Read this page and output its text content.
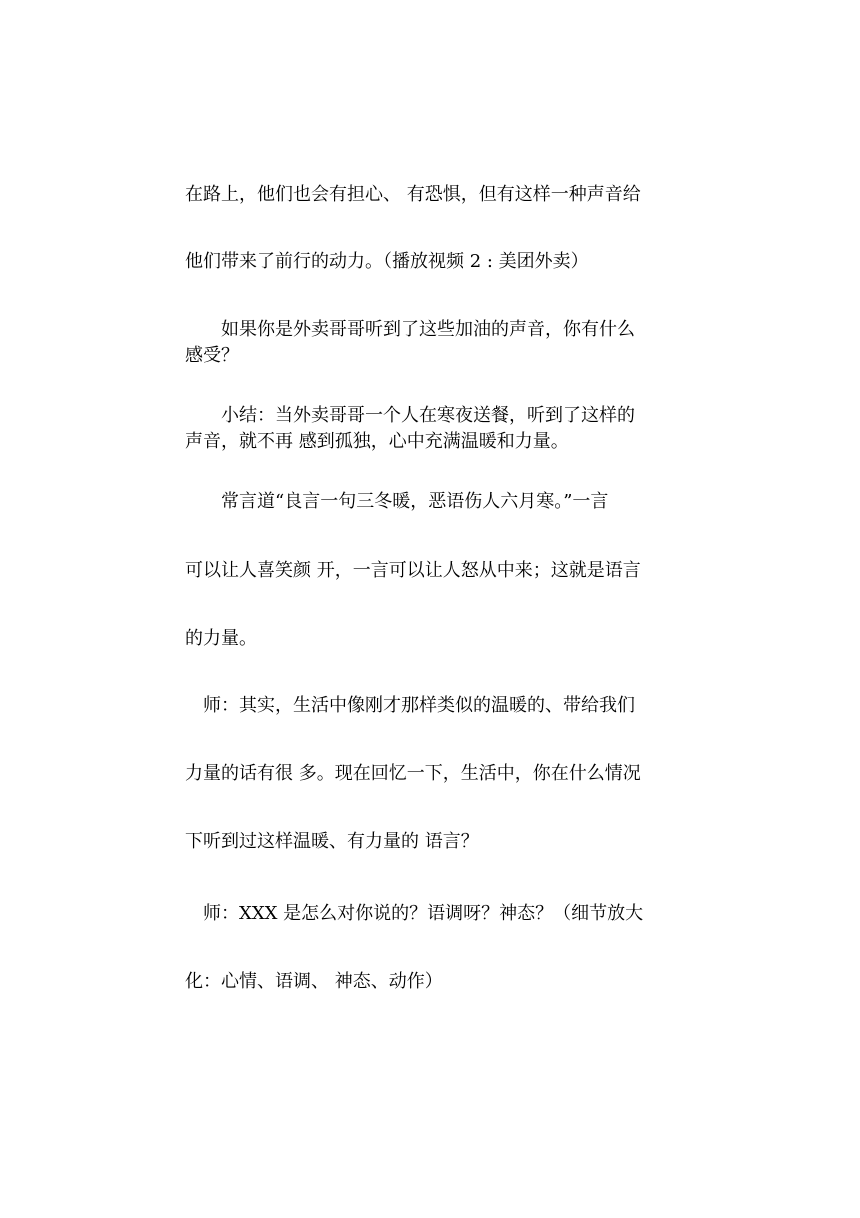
在路上，他们也会有担心、 有恐惧，但有这样一种声音给
他们带来了前行的动力。（播放视频 2 : 美团外卖）
　　如果你是外卖哥哥听到了这些加油的声音，你有什么
感受？
　　小结：当外卖哥哥一个人在寒夜送餐，听到了这样的
声音，就不再 感到孤独，心中充满温暖和力量。
　　常言道“良言一句三冬暖，恶语伤人六月寒。”一言
可以让人喜笑颜 开，一言可以让人怒从中来；这就是语言
的力量。
　师：其实，生活中像刚才那样类似的温暖的、带给我们
力量的话有很 多。现在回忆一下，生活中，你在什么情况
下听到过这样温暖、有力量的 语言？
　师：XXX 是怎么对你说的？语调呀？神态？（细节放大
化：心情、语调、 神态、动作）
